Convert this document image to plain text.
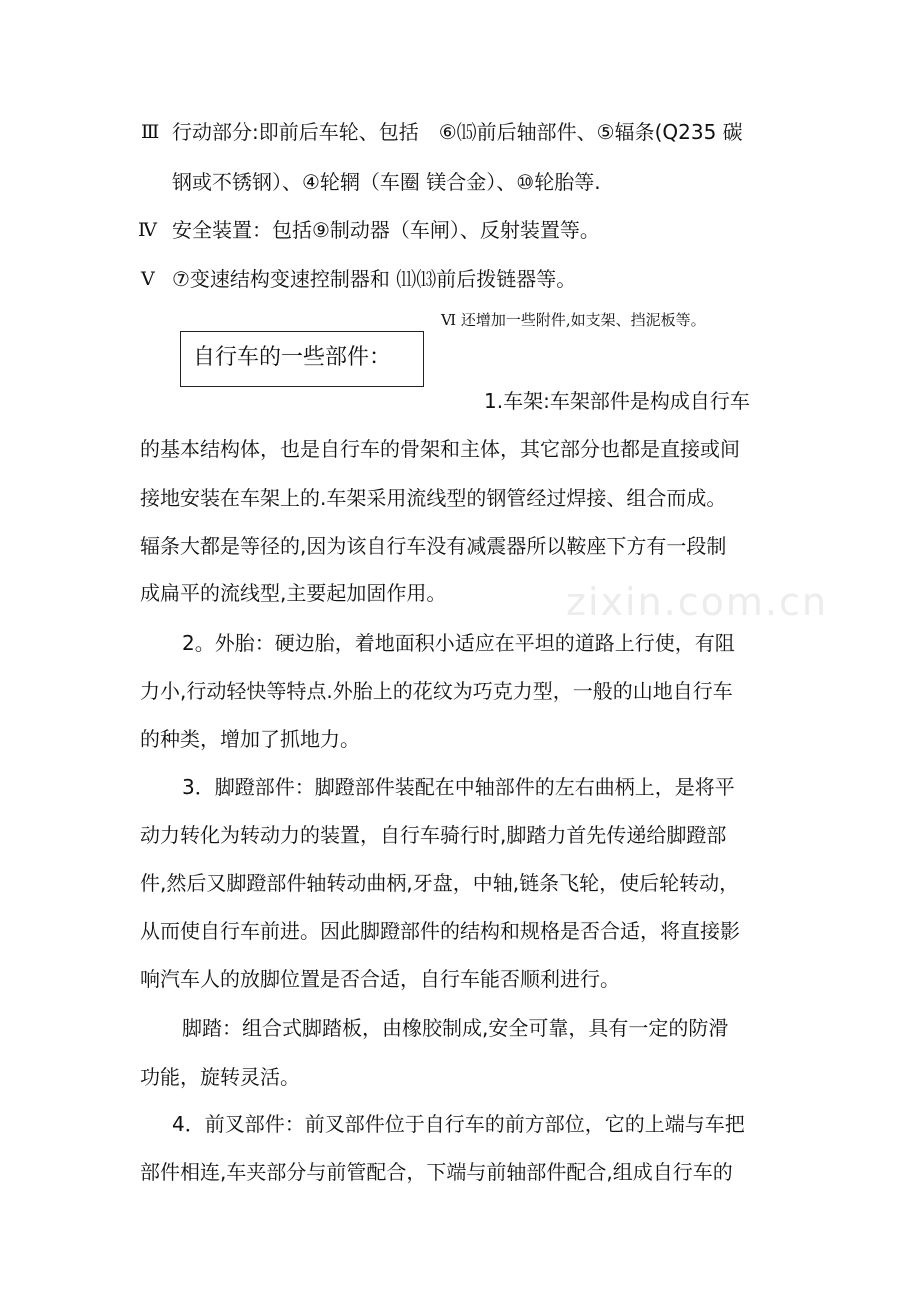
zixin.com.cn
Ⅲ 行动部分:即前后车轮、包括　⑥⒂前后轴部件、⑤辐条(Q235 碳
钢或不锈钢）、④轮辋（车圈 镁合金）、⑩轮胎等.
Ⅳ 安全装置：包括⑨制动器（车闸）、反射装置等。
Ⅴ ⑦变速结构变速控制器和 ⑾⒀前后拨链器等。
Ⅵ 还增加一些附件,如支架、挡泥板等。
自行车的一些部件：
1.车架:车架部件是构成自行车
的基本结构体，也是自行车的骨架和主体，其它部分也都是直接或间
接地安装在车架上的.车架采用流线型的钢管经过焊接、组合而成。
辐条大都是等径的,因为该自行车没有减震器所以鞍座下方有一段制
成扁平的流线型,主要起加固作用。
2。外胎：硬边胎，着地面积小适应在平坦的道路上行使，有阻
力小,行动轻快等特点.外胎上的花纹为巧克力型，一般的山地自行车
的种类，增加了抓地力。
3．脚蹬部件：脚蹬部件装配在中轴部件的左右曲柄上，是将平
动力转化为转动力的装置，自行车骑行时,脚踏力首先传递给脚蹬部
件,然后又脚蹬部件轴转动曲柄,牙盘，中轴,链条飞轮，使后轮转动，
从而使自行车前进。因此脚蹬部件的结构和规格是否合适，将直接影
响汽车人的放脚位置是否合适，自行车能否顺利进行。
脚踏：组合式脚踏板，由橡胶制成,安全可靠，具有一定的防滑
功能，旋转灵活。
4．前叉部件：前叉部件位于自行车的前方部位，它的上端与车把
部件相连,车夹部分与前管配合，下端与前轴部件配合,组成自行车的
